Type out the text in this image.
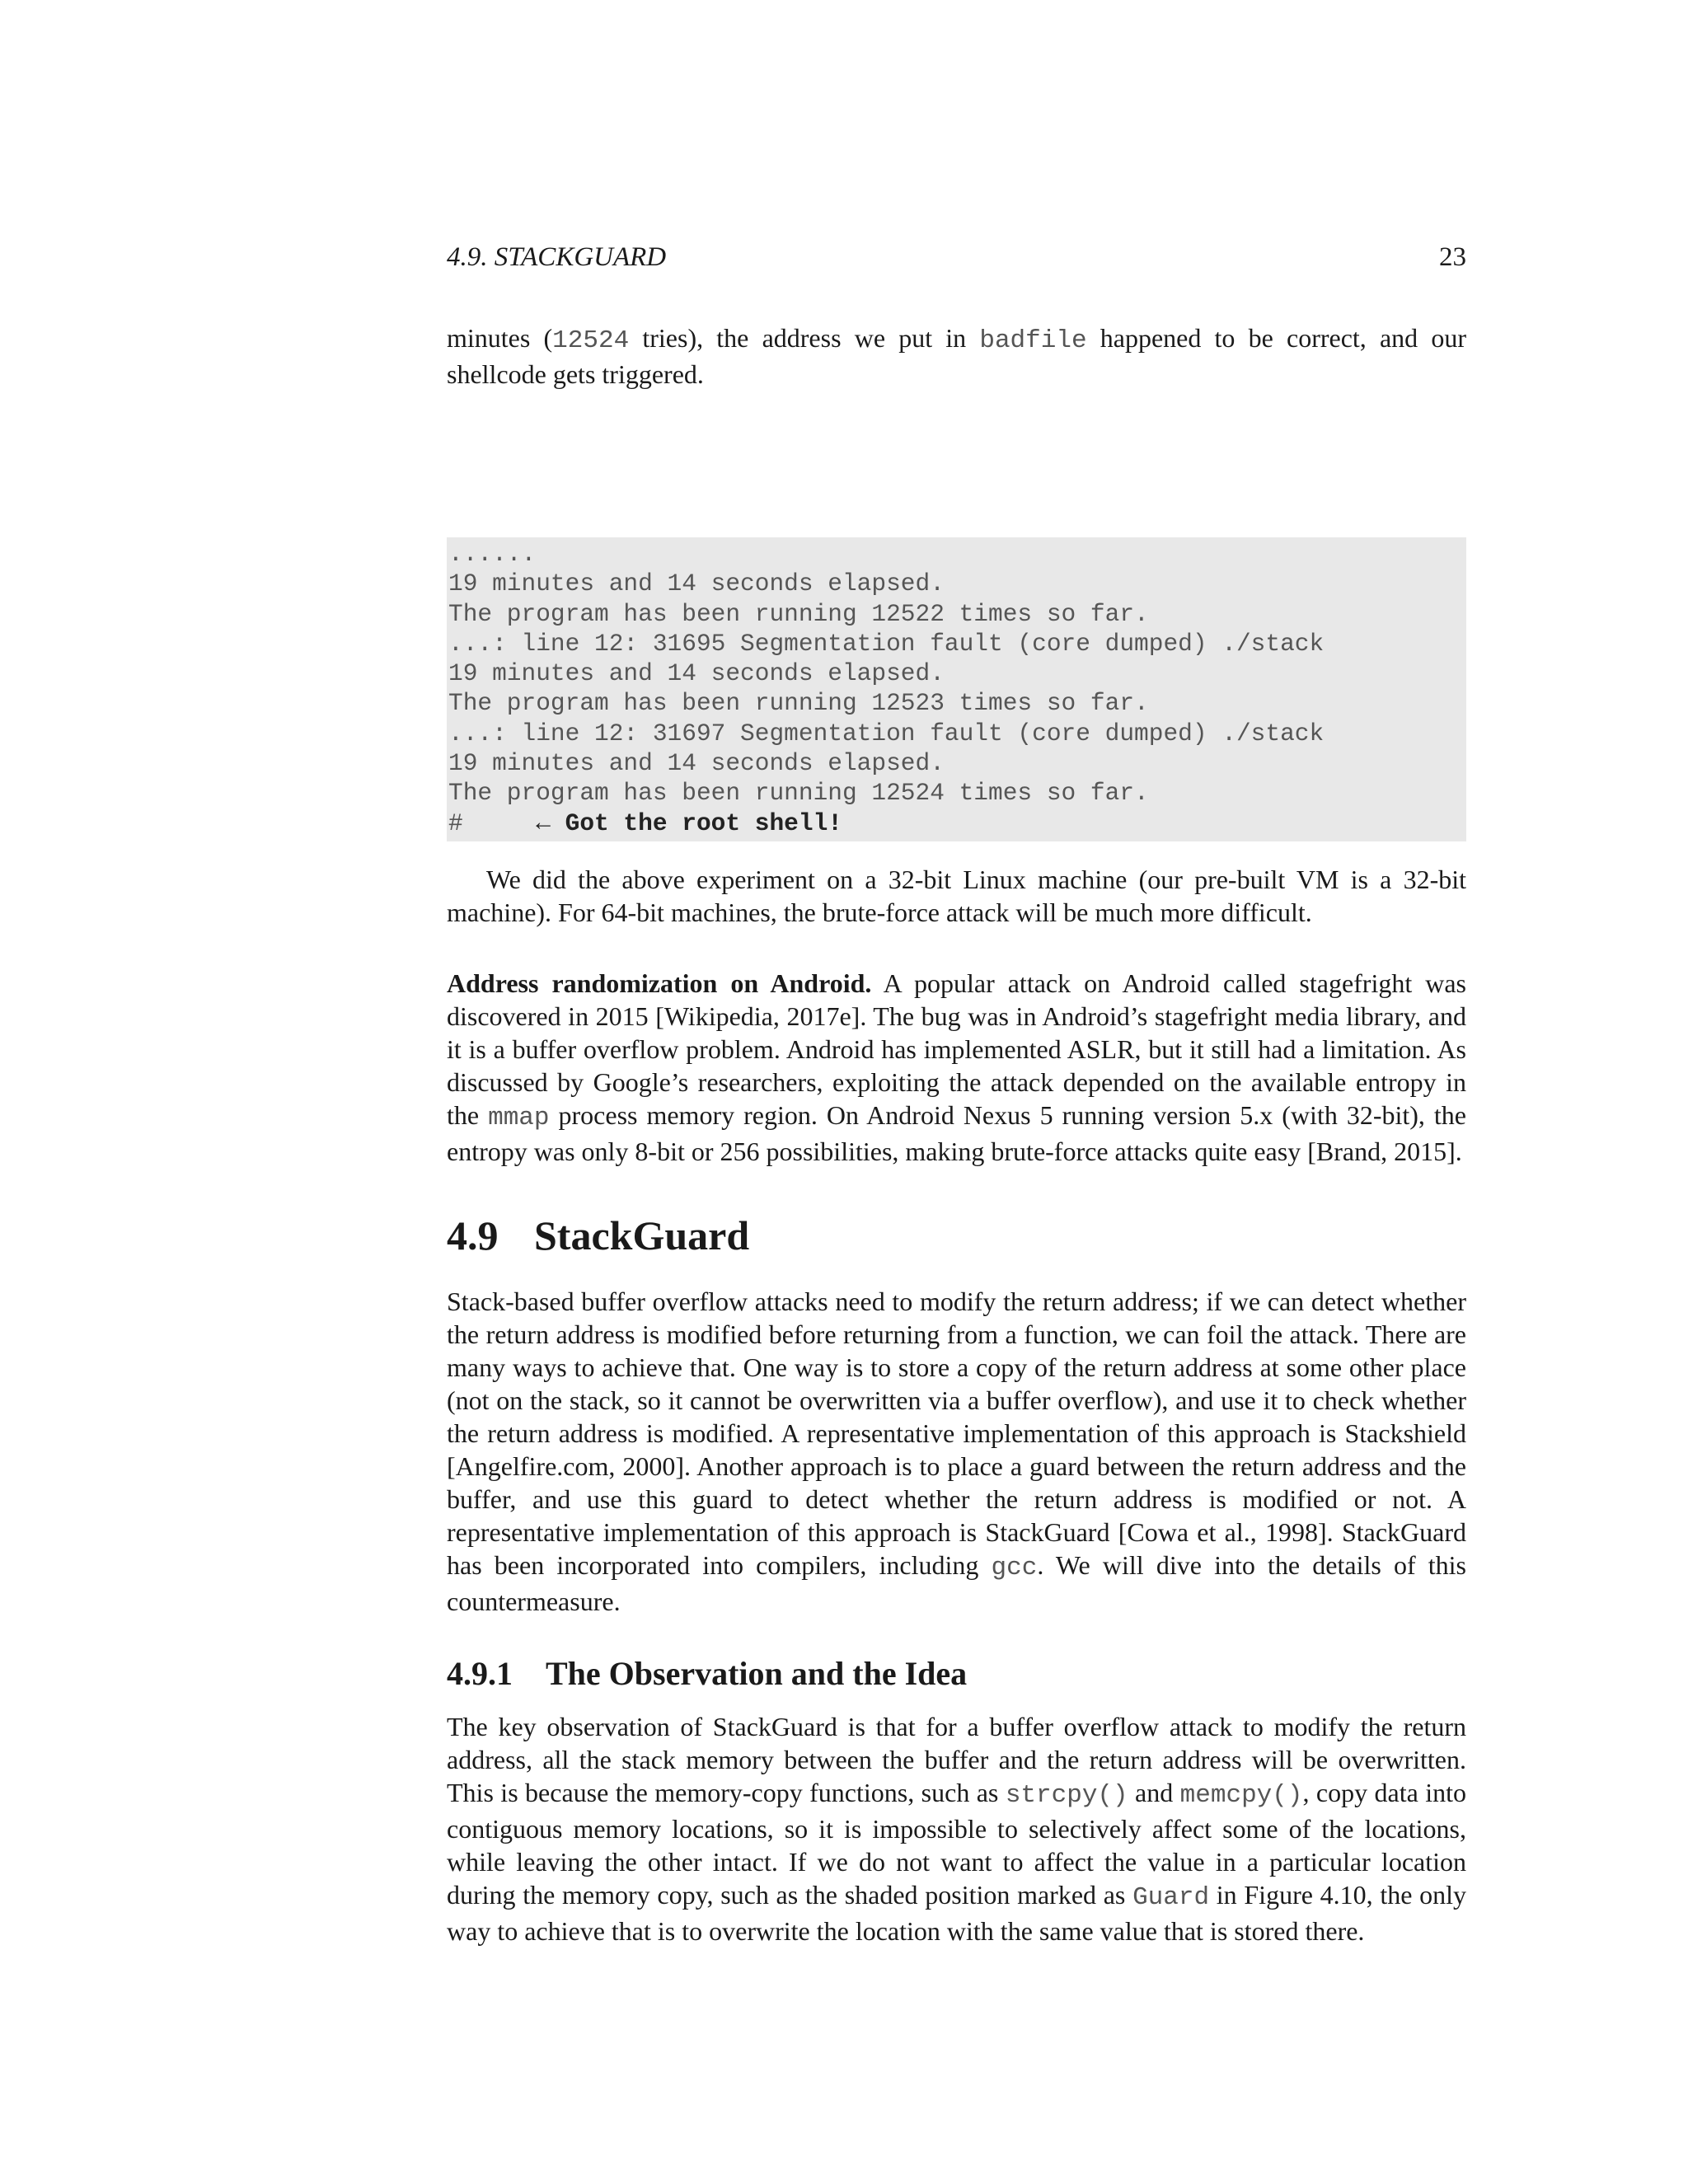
4.9. STACKGUARD	23

minutes (12524 tries), the address we put in badfile happened to be correct, and our shellcode gets triggered.

......
19 minutes and 14 seconds elapsed.
The program has been running 12522 times so far.
...: line 12: 31695 Segmentation fault (core dumped) ./stack
19 minutes and 14 seconds elapsed.
The program has been running 12523 times so far.
...: line 12: 31697 Segmentation fault (core dumped) ./stack
19 minutes and 14 seconds elapsed.
The program has been running 12524 times so far.
#	← Got the root shell!

We did the above experiment on a 32-bit Linux machine (our pre-built VM is a 32-bit machine). For 64-bit machines, the brute-force attack will be much more difficult.

Address randomization on Android. A popular attack on Android called stagefright was discovered in 2015 [Wikipedia, 2017e]. The bug was in Android’s stagefright media library, and it is a buffer overflow problem. Android has implemented ASLR, but it still had a limitation. As discussed by Google’s researchers, exploiting the attack depended on the available entropy in the mmap process memory region. On Android Nexus 5 running version 5.x (with 32-bit), the entropy was only 8-bit or 256 possibilities, making brute-force attacks quite easy [Brand, 2015].

4.9 StackGuard

Stack-based buffer overflow attacks need to modify the return address; if we can detect whether the return address is modified before returning from a function, we can foil the attack. There are many ways to achieve that. One way is to store a copy of the return address at some other place (not on the stack, so it cannot be overwritten via a buffer overflow), and use it to check whether the return address is modified. A representative implementation of this approach is Stackshield [Angelfire.com, 2000]. Another approach is to place a guard between the return address and the buffer, and use this guard to detect whether the return address is modified or not. A representative implementation of this approach is StackGuard [Cowa et al., 1998]. StackGuard has been incorporated into compilers, including gcc. We will dive into the details of this countermeasure.

4.9.1 The Observation and the Idea

The key observation of StackGuard is that for a buffer overflow attack to modify the return address, all the stack memory between the buffer and the return address will be overwritten. This is because the memory-copy functions, such as strcpy() and memcpy(), copy data into contiguous memory locations, so it is impossible to selectively affect some of the locations, while leaving the other intact. If we do not want to affect the value in a particular location during the memory copy, such as the shaded position marked as Guard in Figure 4.10, the only way to achieve that is to overwrite the location with the same value that is stored there.
